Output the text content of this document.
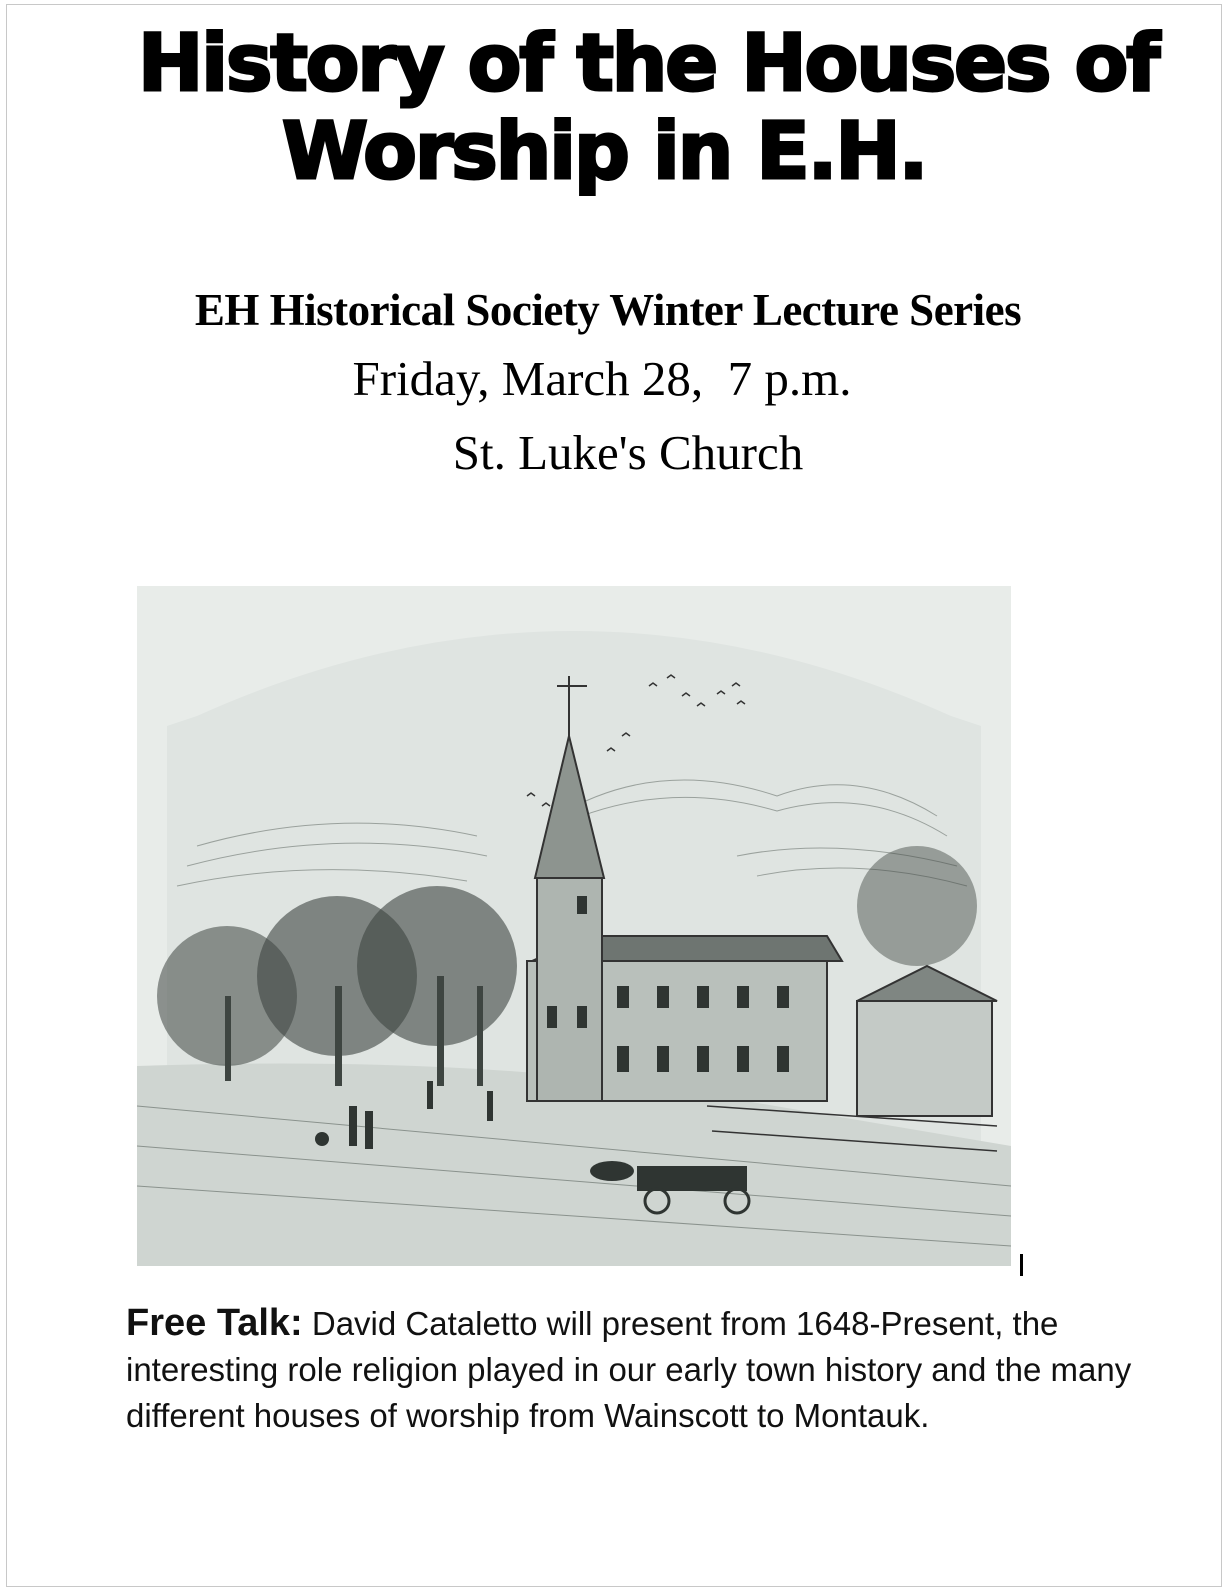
History of the Houses of
Worship in E.H.
EH Historical Society Winter Lecture Series
Friday, March 28,  7 p.m.
St. Luke's Church
Free Talk: David Cataletto will present from 1648-Present, the interesting role religion played in our early town history and the many different houses of worship from Wainscott to Montauk.
